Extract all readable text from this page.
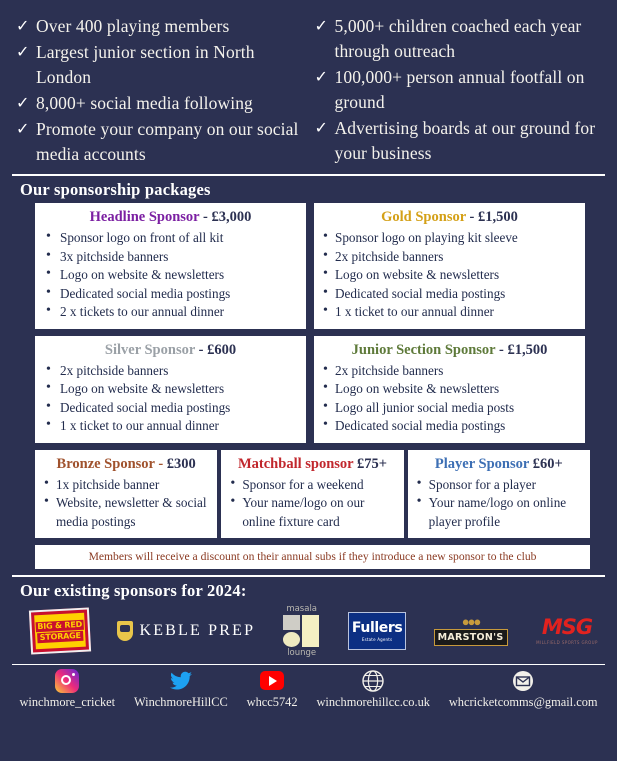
✓ Over 400 playing members
✓ Largest junior section in North London
✓ 8,000+ social media following
✓ Promote your company on our social media accounts
✓ 5,000+ children coached each year through outreach
✓ 100,000+ person annual footfall on ground
✓ Advertising boards at our ground for your business
Our sponsorship packages
Headline Sponsor - £3,000
• Sponsor logo on front of all kit
• 3x pitchside banners
• Logo on website & newsletters
• Dedicated social media postings
• 2 x tickets to our annual dinner
Gold Sponsor - £1,500
• Sponsor logo on playing kit sleeve
• 2x pitchside banners
• Logo on website & newsletters
• Dedicated social media postings
• 1 x ticket to our annual dinner
Silver Sponsor - £600
• 2x pitchside banners
• Logo on website & newsletters
• Dedicated social media postings
• 1 x ticket to our annual dinner
Junior Section Sponsor - £1,500
• 2x pitchside banners
• Logo on website & newsletters
• Logo all junior social media posts
• Dedicated social media postings
Bronze Sponsor - £300
• 1x pitchside banner
• Website, newsletter & social media postings
Matchball sponsor £75+
• Sponsor for a weekend
• Your name/logo on our online fixture card
Player Sponsor £60+
• Sponsor for a player
• Your name/logo on online player profile
Members will receive a discount on their annual subs if they introduce a new sponsor to the club
Our existing sponsors for 2024:
BIG & RED
STORAGE	KEBLE PREP
masala
lounge
Fullers
Estate Agents
●●●
MARSTON'S	MSG
MILLFIELD SPORTS GROUP
winchmore_cricket WinchmoreHillCC whcc5742 winchmorehillcc.co.uk whcricketcomms@gmail.com
